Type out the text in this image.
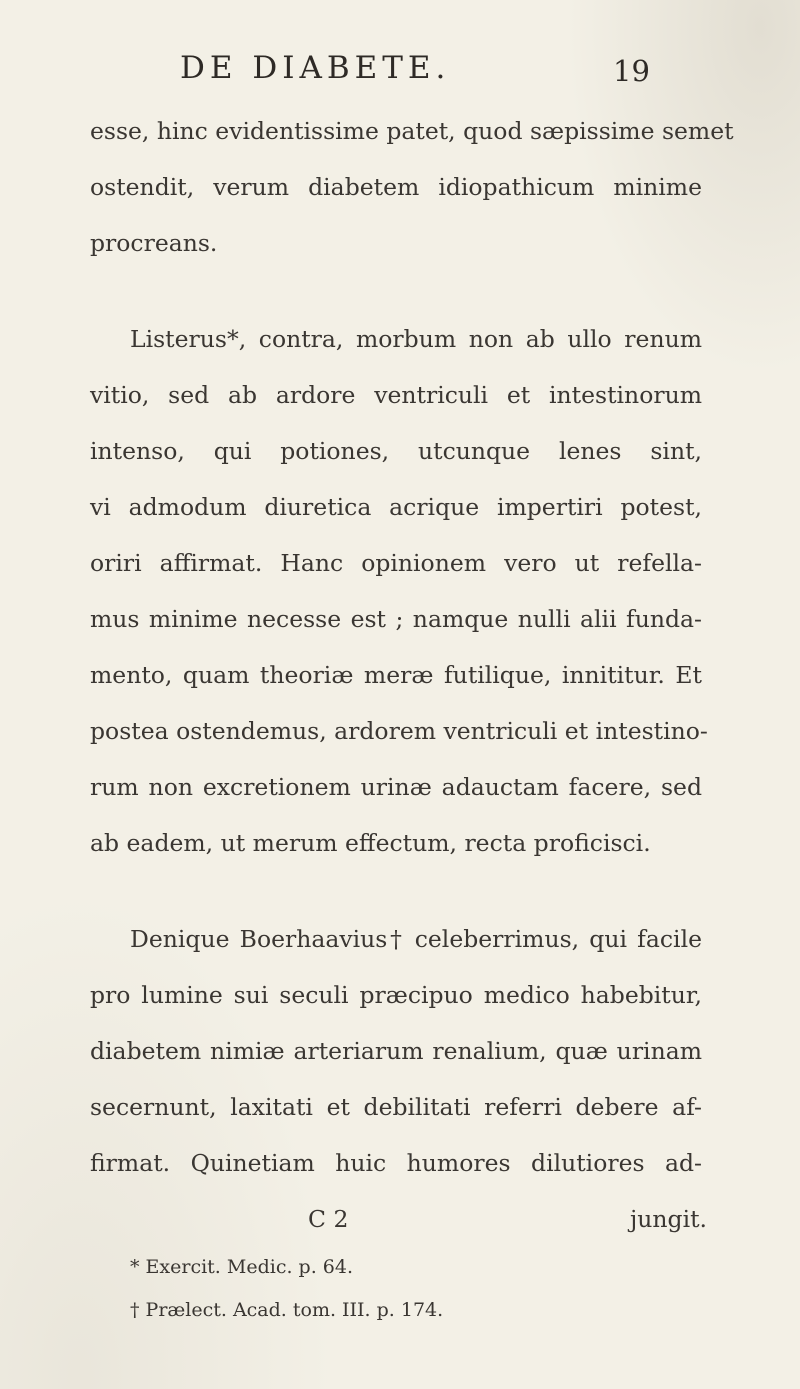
DE DIABETE.	19
esse, hinc evidentissime patet, quod sæpissime semet
ostendit, verum diabetem idiopathicum minime
procreans.
Listerus*, contra, morbum non ab ullo renum
vitio, sed ab ardore ventriculi et intestinorum
intenso, qui potiones, utcunque lenes sint,
vi admodum diuretica acrique impertiri potest,
oriri affirmat. Hanc opinionem vero ut refella-
mus minime necesse est ; namque nulli alii funda-
mento, quam theoriæ meræ futilique, innititur. Et
postea ostendemus, ardorem ventriculi et intestino-
rum non excretionem urinæ adauctam facere, sed
ab eadem, ut merum effectum, recta proficisci.
Denique Boerhaavius† celeberrimus, qui facile
pro lumine sui seculi præcipuo medico habebitur,
diabetem nimiæ arteriarum renalium, quæ urinam
secernunt, laxitati et debilitati referri debere af-
firmat. Quinetiam huic humores dilutiores ad-
C 2	jungit.
* Exercit. Medic. p. 64.
† Prælect. Acad. tom. III. p. 174.
